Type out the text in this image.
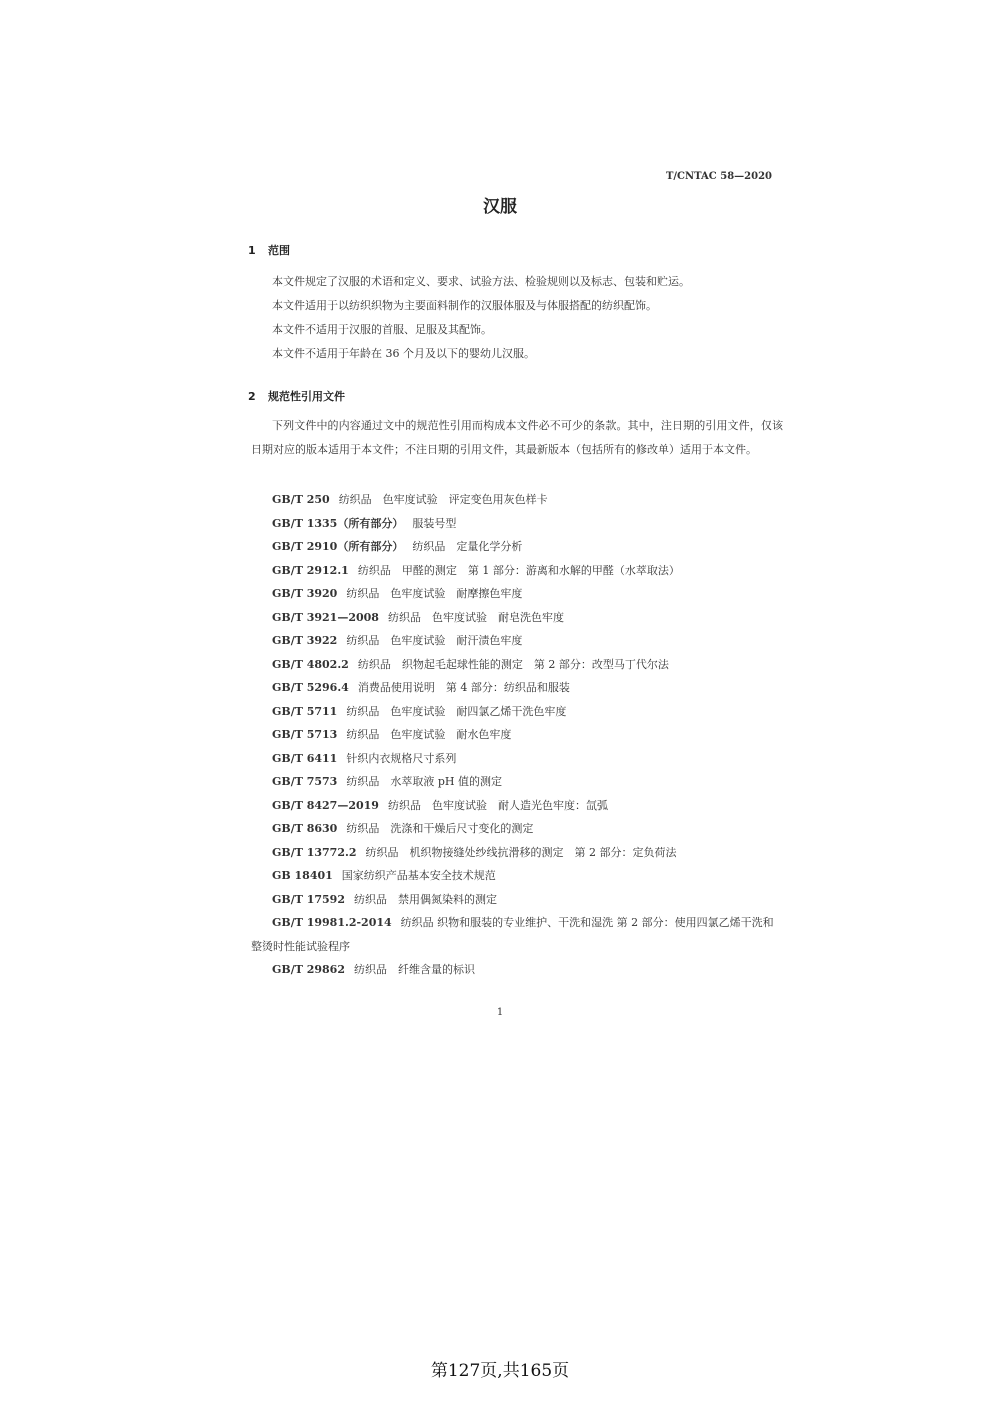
T/CNTAC 58—2020
汉服
1 范围
本文件规定了汉服的术语和定义、要求、试验方法、检验规则以及标志、包装和贮运。
本文件适用于以纺织织物为主要面料制作的汉服体服及与体服搭配的纺织配饰。
本文件不适用于汉服的首服、足服及其配饰。
本文件不适用于年龄在 36 个月及以下的婴幼儿汉服。
2 规范性引用文件

下列文件中的内容通过文中的规范性引用而构成本文件必不可少的条款。其中，注日期的引用文件，仅该日期对应的版本适用于本文件；不注日期的引用文件，其最新版本（包括所有的修改单）适用于本文件。

GB/T 250 纺织品　色牢度试验　评定变色用灰色样卡
GB/T 1335（所有部分） 服装号型
GB/T 2910（所有部分） 纺织品　定量化学分析
GB/T 2912.1 纺织品　甲醛的测定　第 1 部分：游离和水解的甲醛（水萃取法）
GB/T 3920 纺织品　色牢度试验　耐摩擦色牢度
GB/T 3921—2008 纺织品　色牢度试验　耐皂洗色牢度
GB/T 3922 纺织品　色牢度试验　耐汗渍色牢度
GB/T 4802.2 纺织品　织物起毛起球性能的测定　第 2 部分：改型马丁代尔法
GB/T 5296.4 消费品使用说明　第 4 部分：纺织品和服装
GB/T 5711 纺织品　色牢度试验　耐四氯乙烯干洗色牢度
GB/T 5713 纺织品　色牢度试验　耐水色牢度
GB/T 6411 针织内衣规格尺寸系列
GB/T 7573 纺织品　水萃取液 pH 值的测定
GB/T 8427—2019 纺织品　色牢度试验　耐人造光色牢度：氙弧
GB/T 8630 纺织品　洗涤和干燥后尺寸变化的测定
GB/T 13772.2 纺织品　机织物接缝处纱线抗滑移的测定　第 2 部分：定负荷法
GB 18401 国家纺织产品基本安全技术规范
GB/T 17592 纺织品　禁用偶氮染料的测定
GB/T 19981.2-2014 纺织品 织物和服装的专业维护、干洗和湿洗 第 2 部分：使用四氯乙烯干洗和整烫时性能试验程序
GB/T 29862 纺织品　纤维含量的标识
1
第127页,共165页
